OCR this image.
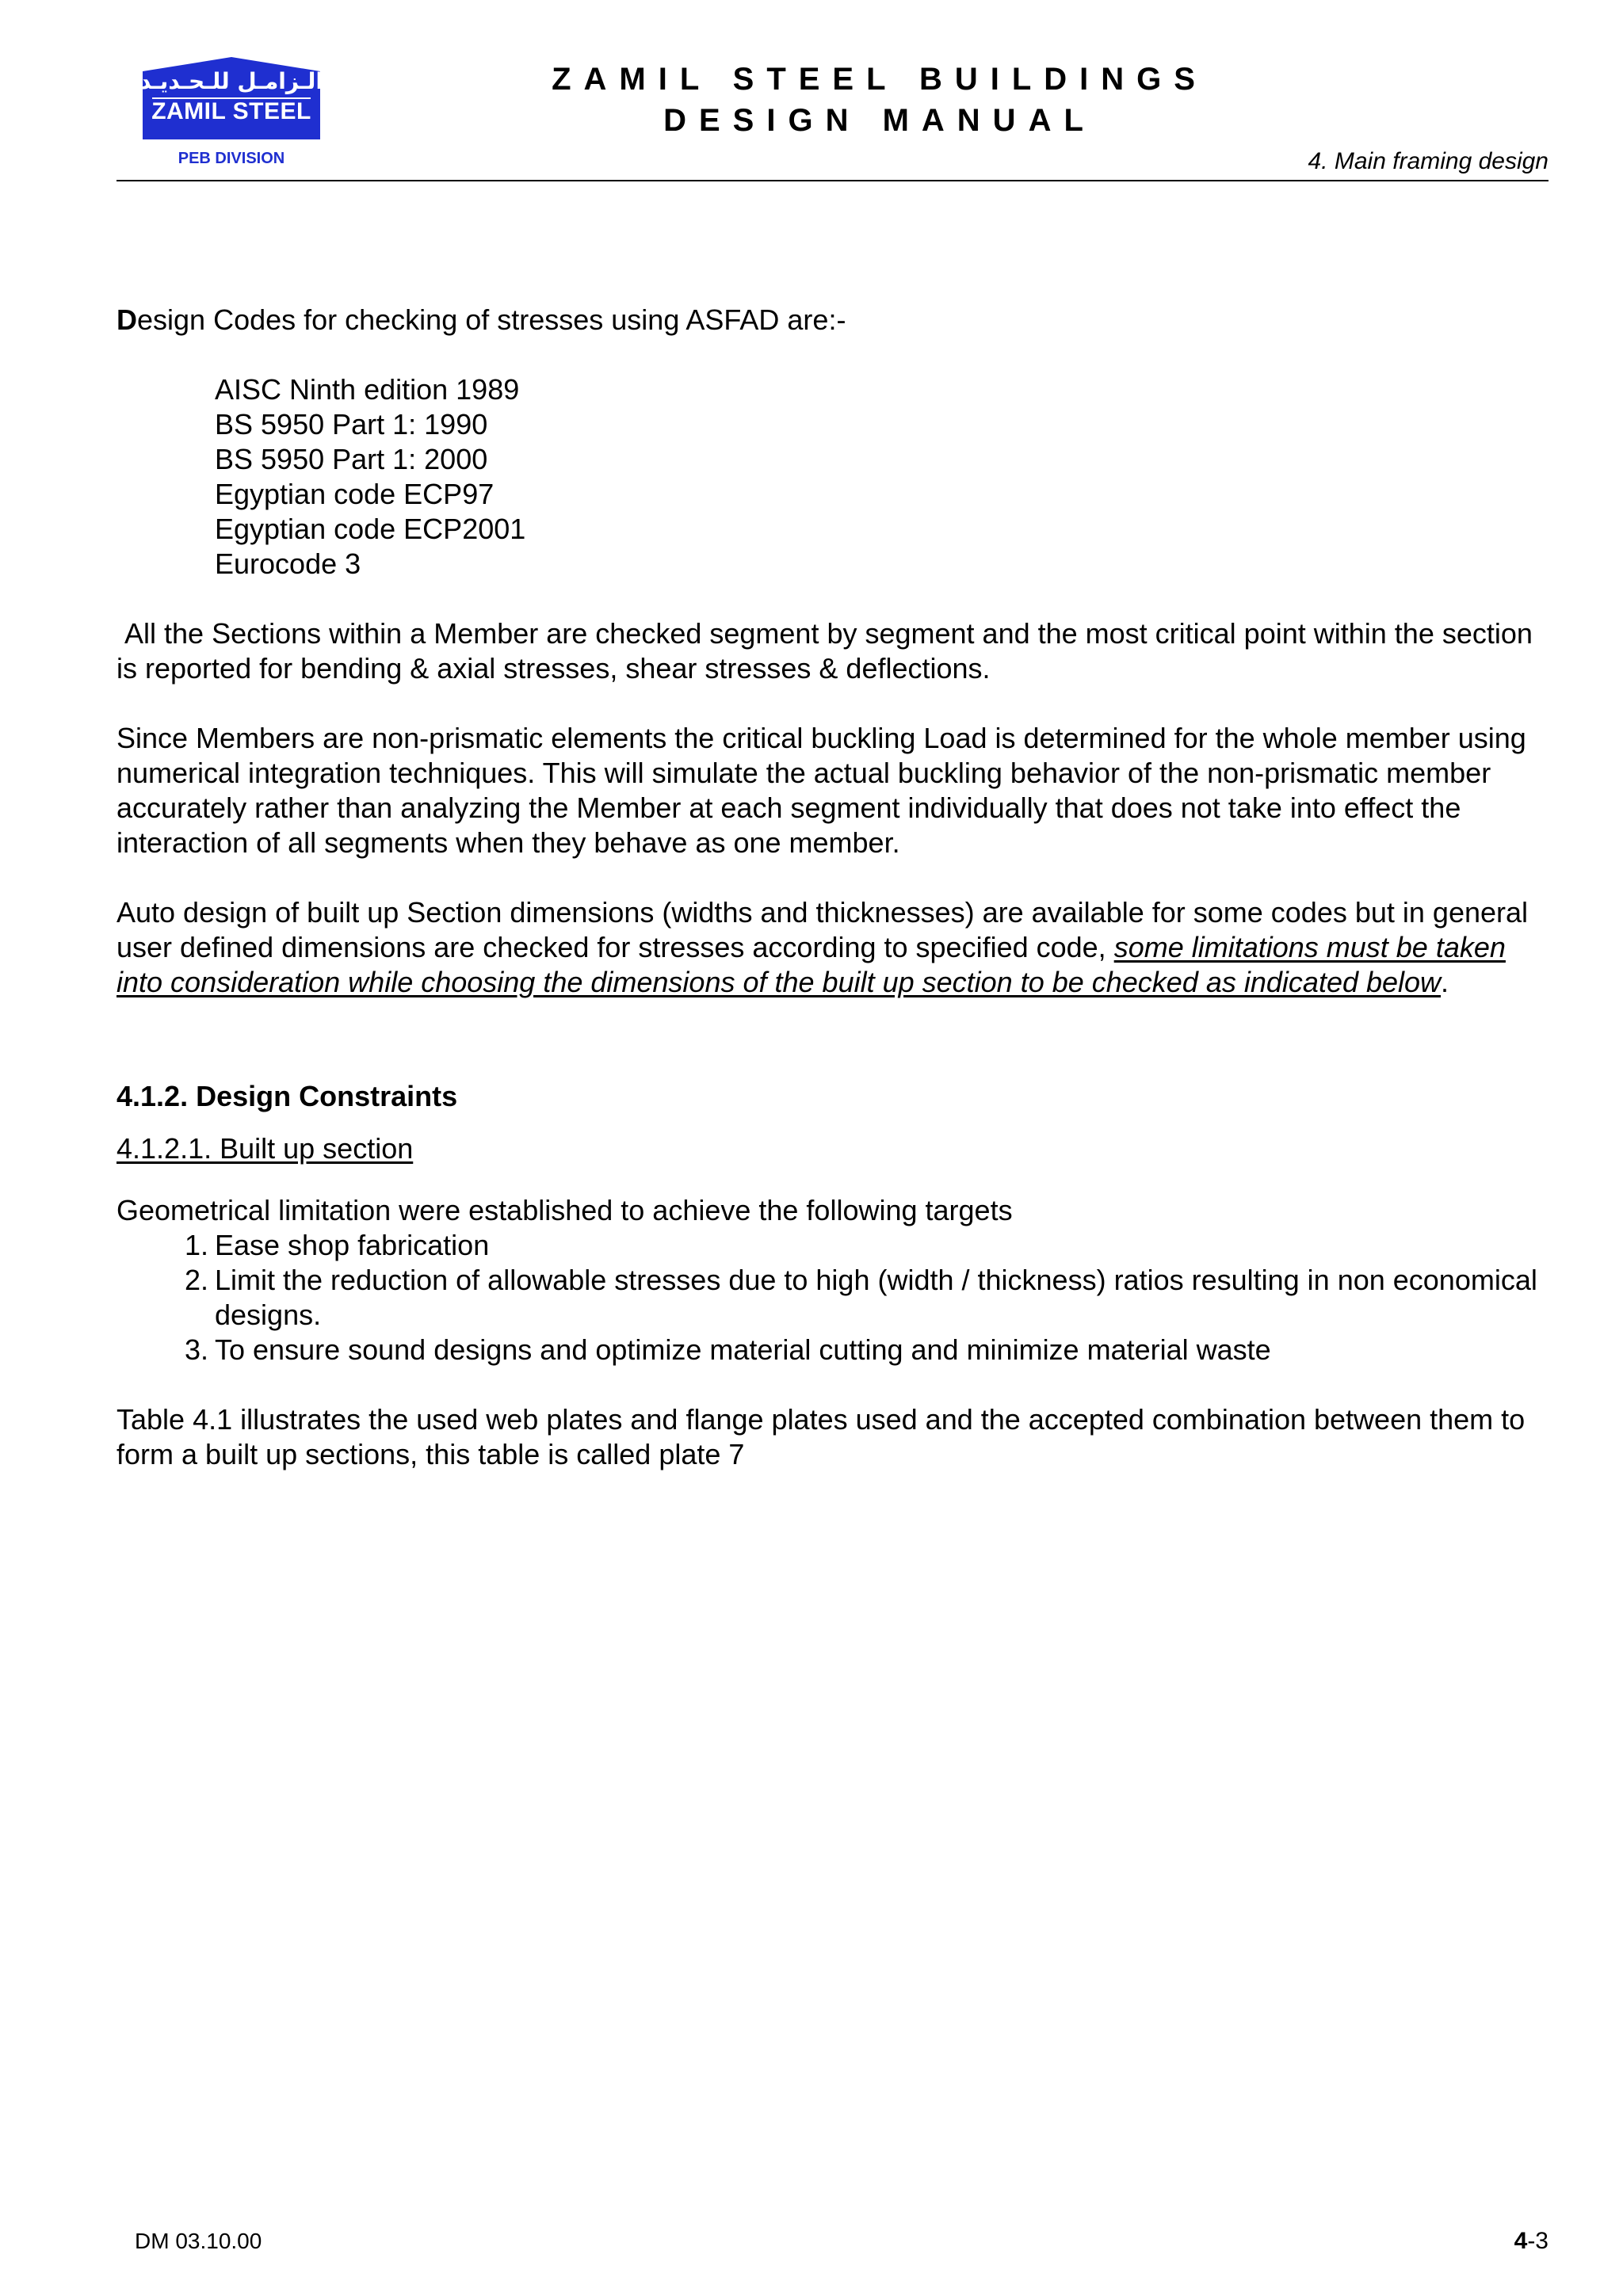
الـزامـل للـحـديـد
ZAMIL STEEL
PEB DIVISION
ZAMIL STEEL BUILDINGS
DESIGN MANUAL
4. Main framing design

Design Codes for checking of stresses using ASFAD are:-

AISC Ninth edition 1989
BS 5950 Part 1: 1990
BS 5950 Part 1: 2000
Egyptian code ECP97
Egyptian code ECP2001
Eurocode 3

All the Sections within a Member are checked segment by segment and the most critical point within the section is reported for bending & axial stresses, shear stresses & deflections.

Since Members are non-prismatic elements the critical buckling Load is determined for the whole member using numerical integration techniques. This will simulate the actual buckling behavior of the non-prismatic member accurately rather than analyzing the Member at each segment individually that does not take into effect the interaction of all segments when they behave as one member.

Auto design of built up Section dimensions (widths and thicknesses) are available for some codes but in general user defined dimensions are checked for stresses according to specified code, some limitations must be taken into consideration while choosing the dimensions of the built up section to be checked as indicated below.

4.1.2. Design Constraints

4.1.2.1. Built up section

Geometrical limitation were established to achieve the following targets

1. Ease shop fabrication
2. Limit the reduction of allowable stresses due to high (width / thickness) ratios resulting in non economical designs.
3. To ensure sound designs and optimize material cutting and minimize material waste

Table 4.1 illustrates the used web plates and flange plates used and the accepted combination between them to form a built up sections, this table is called plate 7

DM 03.10.00	4-3
